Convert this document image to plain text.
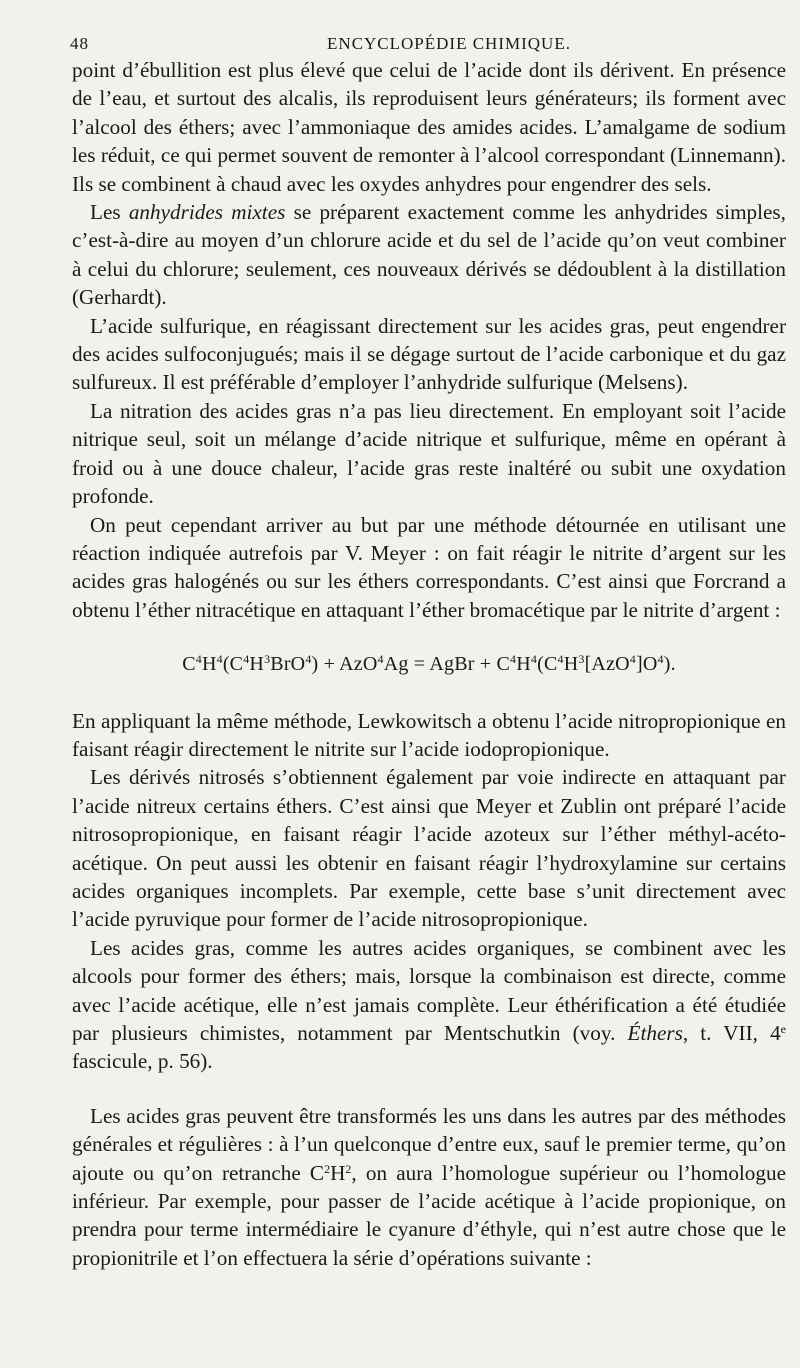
48	ENCYCLOPÉDIE CHIMIQUE.

point d’ébullition est plus élevé que celui de l’acide dont ils dérivent. En présence de l’eau, et surtout des alcalis, ils reproduisent leurs générateurs; ils forment avec l’alcool des éthers; avec l’ammoniaque des amides acides. L’amalgame de sodium les réduit, ce qui permet souvent de remonter à l’alcool correspondant (Linnemann). Ils se combinent à chaud avec les oxydes anhydres pour engendrer des sels.

Les anhydrides mixtes se préparent exactement comme les anhydrides simples, c’est-à-dire au moyen d’un chlorure acide et du sel de l’acide qu’on veut combiner à celui du chlorure; seulement, ces nouveaux dérivés se dédoublent à la distillation (Gerhardt).

L’acide sulfurique, en réagissant directement sur les acides gras, peut engendrer des acides sulfoconjugués; mais il se dégage surtout de l’acide carbonique et du gaz sulfureux. Il est préférable d’employer l’anhydride sulfurique (Melsens).

La nitration des acides gras n’a pas lieu directement. En employant soit l’acide nitrique seul, soit un mélange d’acide nitrique et sulfurique, même en opérant à froid ou à une douce chaleur, l’acide gras reste inaltéré ou subit une oxydation profonde.

On peut cependant arriver au but par une méthode détournée en utilisant une réaction indiquée autrefois par V. Meyer : on fait réagir le nitrite d’argent sur les acides gras halogénés ou sur les éthers correspondants. C’est ainsi que Forcrand a obtenu l’éther nitracétique en attaquant l’éther bromacétique par le nitrite d’argent :

$C^4H^4(C^4H^3BrO^4) + AzO^4Ag$ = AgBr + $C^4H^4(C^4H^3[AzO^4]O^4)$.

En appliquant la même méthode, Lewkowitsch a obtenu l’acide nitropropionique en faisant réagir directement le nitrite sur l’acide iodopropionique.

Les dérivés nitrosés s’obtiennent également par voie indirecte en attaquant par l’acide nitreux certains éthers. C’est ainsi que Meyer et Zublin ont préparé l’acide nitrosopropionique, en faisant réagir l’acide azoteux sur l’éther méthyl-acéto-acétique. On peut aussi les obtenir en faisant réagir l’hydroxylamine sur certains acides organiques incomplets. Par exemple, cette base s’unit directement avec l’acide pyruvique pour former de l’acide nitrosopropionique.

Les acides gras, comme les autres acides organiques, se combinent avec les alcools pour former des éthers; mais, lorsque la combinaison est directe, comme avec l’acide acétique, elle n’est jamais complète. Leur éthérification a été étudiée par plusieurs chimistes, notamment par Mentschutkin (voy. Éthers, t. VII, 4e fascicule, p. 56).

Les acides gras peuvent être transformés les uns dans les autres par des méthodes générales et régulières : à l’un quelconque d’entre eux, sauf le premier terme, qu’on ajoute ou qu’on retranche $C^2H^2$, on aura l’homologue supérieur ou l’homologue inférieur. Par exemple, pour passer de l’acide acétique à l’acide propionique, on prendra pour terme intermédiaire le cyanure d’éthyle, qui n’est autre chose que le propionitrile et l’on effectuera la série d’opérations suivante :
